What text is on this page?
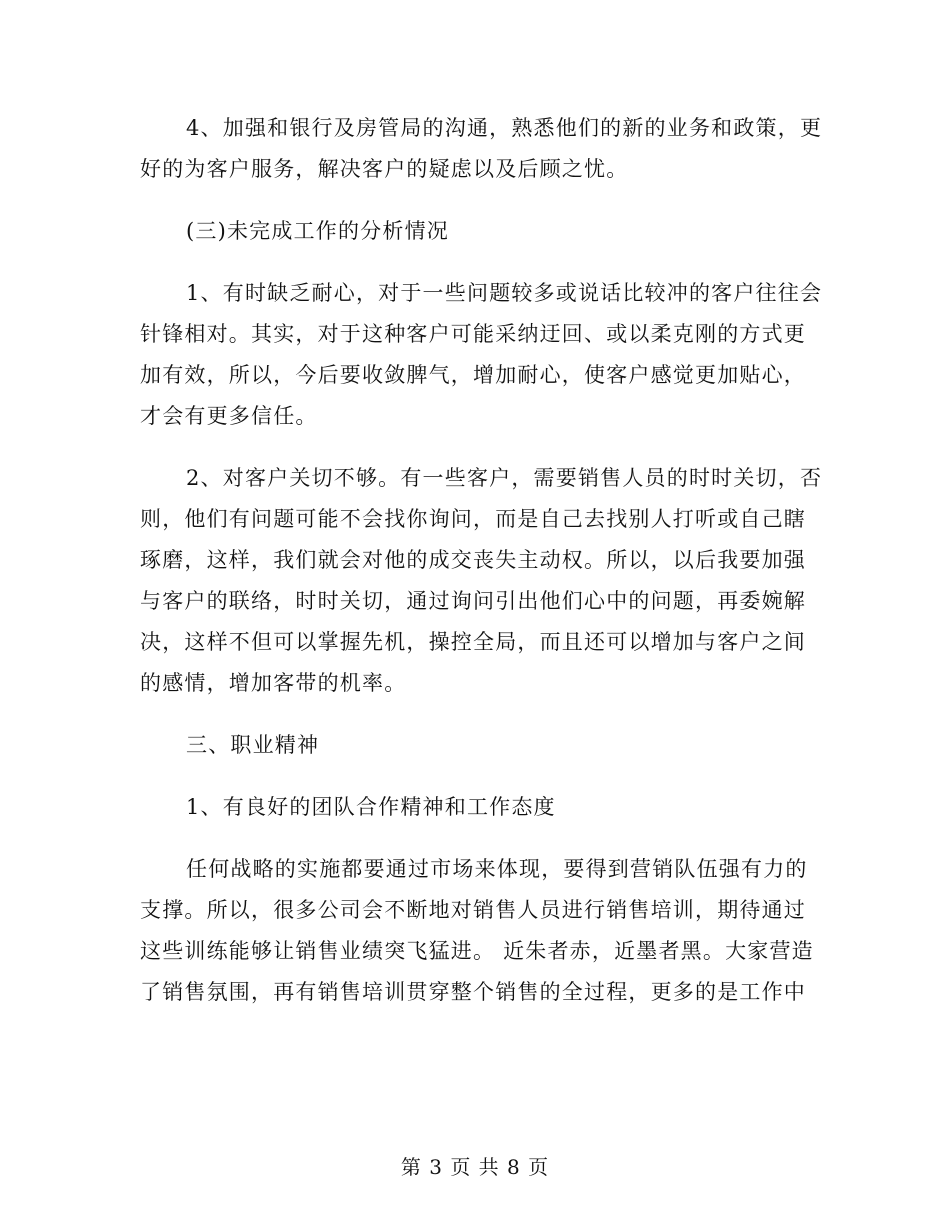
4、加强和银行及房管局的沟通，熟悉他们的新的业务和政策，更
好的为客户服务，解决客户的疑虑以及后顾之忧。

(三)未完成工作的分析情况

1、有时缺乏耐心，对于一些问题较多或说话比较冲的客户往往会
针锋相对。其实，对于这种客户可能采纳迂回、或以柔克刚的方式更
加有效，所以，今后要收敛脾气，增加耐心，使客户感觉更加贴心，
才会有更多信任。

2、对客户关切不够。有一些客户，需要销售人员的时时关切，否
则，他们有问题可能不会找你询问，而是自己去找别人打听或自己瞎
琢磨，这样，我们就会对他的成交丧失主动权。所以，以后我要加强
与客户的联络，时时关切，通过询问引出他们心中的问题，再委婉解
决，这样不但可以掌握先机，操控全局，而且还可以增加与客户之间
的感情，增加客带的机率。

三、职业精神

1、有良好的团队合作精神和工作态度

任何战略的实施都要通过市场来体现，要得到营销队伍强有力的
支撑。所以，很多公司会不断地对销售人员进行销售培训，期待通过
这些训练能够让销售业绩突飞猛进。 近朱者赤，近墨者黑。大家营造
了销售氛围，再有销售培训贯穿整个销售的全过程，更多的是工作中

第 3 页 共 8 页
